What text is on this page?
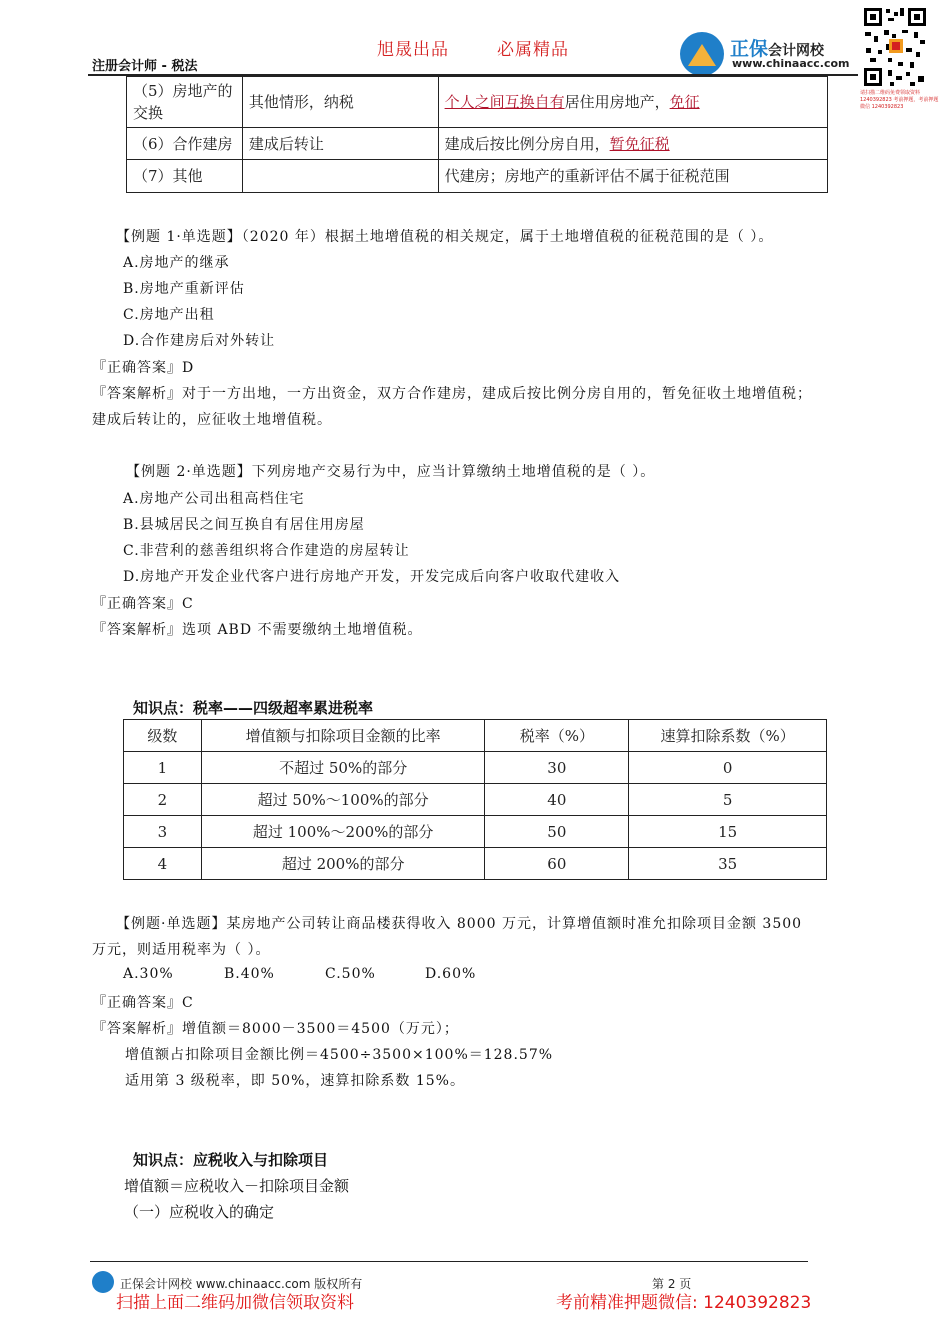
旭晟出品	必属精品
注册会计师 - 税法
正保会计网校
www.chinaacc.com
请扫描二维码免费领取资料 1240392823 考前押题，考前押题微信 1240392823
（5）房地产的交换	其他情形，纳税	个人之间互换自有居住用房地产，免征
（6）合作建房	建成后转让	建成后按比例分房自用，暂免征税
（7）其他		代建房；房地产的重新评估不属于征税范围
【例题 1·单选题】（2020 年）根据土地增值税的相关规定，属于土地增值税的征税范围的是（ ）。
A.房地产的继承
B.房地产重新评估
C.房地产出租
D.合作建房后对外转让
『正确答案』D
『答案解析』对于一方出地，一方出资金，双方合作建房，建成后按比例分房自用的，暂免征收土地增值税；
建成后转让的，应征收土地增值税。
【例题 2·单选题】下列房地产交易行为中，应当计算缴纳土地增值税的是（ ）。
A.房地产公司出租高档住宅
B.县城居民之间互换自有居住用房屋
C.非营利的慈善组织将合作建造的房屋转让
D.房地产开发企业代客户进行房地产开发，开发完成后向客户收取代建收入
『正确答案』C
『答案解析』选项 ABD 不需要缴纳土地增值税。
知识点：税率——四级超率累进税率
级数	增值额与扣除项目金额的比率	税率（%）	速算扣除系数（%）
1	不超过 50%的部分	30	0
2	超过 50%～100%的部分	40	5
3	超过 100%～200%的部分	50	15
4	超过 200%的部分	60	35
【例题·单选题】某房地产公司转让商品楼获得收入 8000 万元，计算增值额时准允扣除项目金额 3500
万元，则适用税率为（ ）。
A.30%	B.40%	C.50%	D.60%
『正确答案』C
『答案解析』增值额＝8000－3500＝4500（万元）；
增值额占扣除项目金额比例＝4500÷3500×100%＝128.57%
适用第 3 级税率，即 50%，速算扣除系数 15%。
知识点：应税收入与扣除项目
增值额＝应税收入－扣除项目金额
（一）应税收入的确定
正保会计网校 www.chinaacc.com 版权所有	第 2 页
扫描上面二维码加微信领取资料	考前精准押题微信: 1240392823
